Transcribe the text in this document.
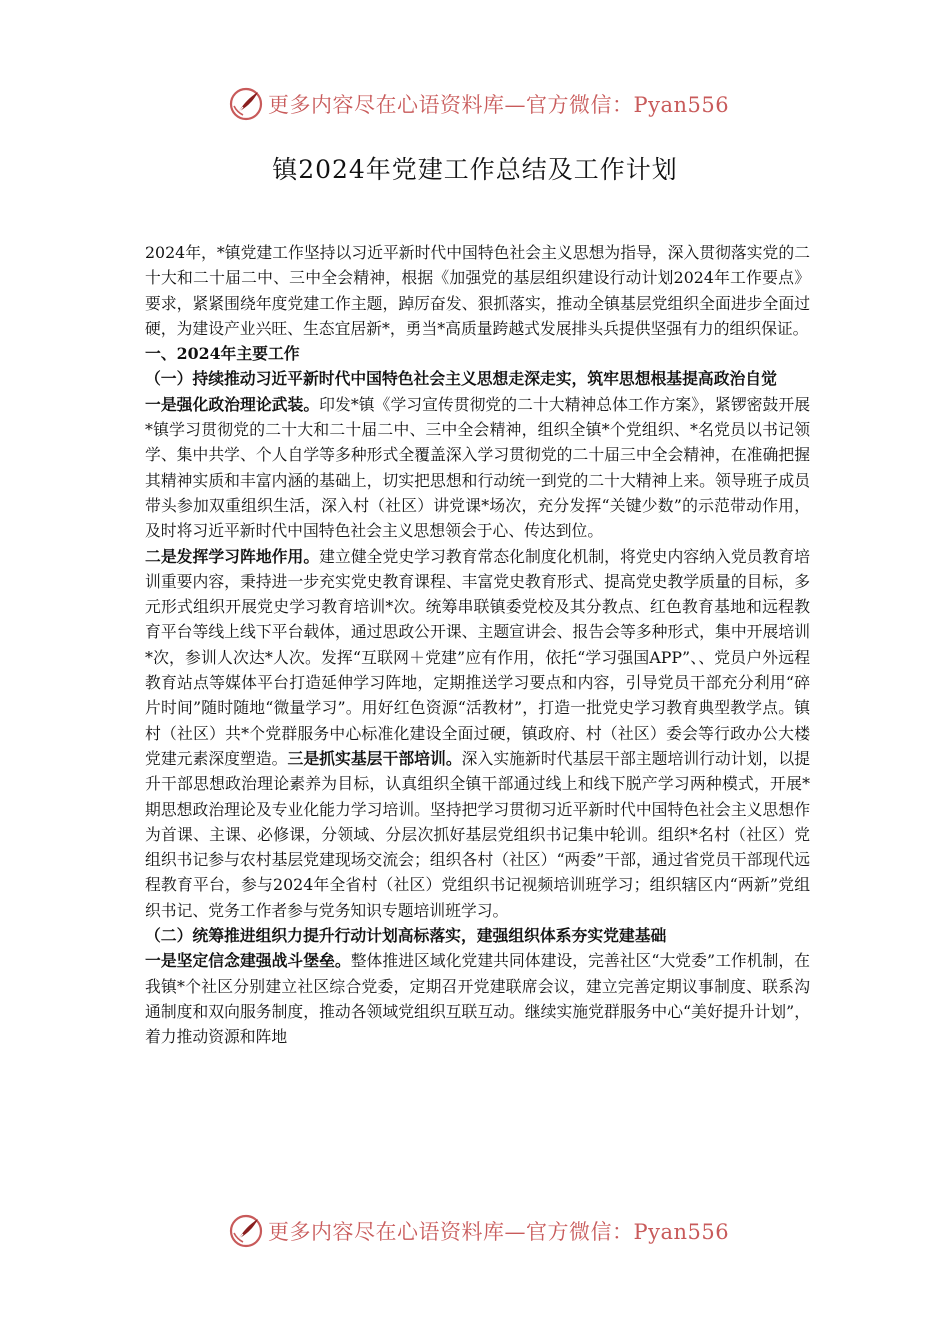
更多内容尽在心语资料库—官方微信：Pyan556
镇2024年党建工作总结及工作计划

2024年，*镇党建工作坚持以习近平新时代中国特色社会主义思想为指导，深入贯彻落实党的二十大和二十届二中、三中全会精神，根据《加强党的基层组织建设行动计划2024年工作要点》要求，紧紧围绕年度党建工作主题，踔厉奋发、狠抓落实，推动全镇基层党组织全面进步全面过硬，为建设产业兴旺、生态宜居新*，勇当*高质量跨越式发展排头兵提供坚强有力的组织保证。

一、2024年主要工作

（一）持续推动习近平新时代中国特色社会主义思想走深走实，筑牢思想根基提高政治自觉

一是强化政治理论武装。印发*镇《学习宣传贯彻党的二十大精神总体工作方案》，紧锣密鼓开展*镇学习贯彻党的二十大和二十届二中、三中全会精神，组织全镇*个党组织、*名党员以书记领学、集中共学、个人自学等多种形式全覆盖深入学习贯彻党的二十届三中全会精神，在准确把握其精神实质和丰富内涵的基础上，切实把思想和行动统一到党的二十大精神上来。领导班子成员带头参加双重组织生活，深入村（社区）讲党课*场次，充分发挥“关键少数”的示范带动作用，及时将习近平新时代中国特色社会主义思想领会于心、传达到位。

二是发挥学习阵地作用。建立健全党史学习教育常态化制度化机制，将党史内容纳入党员教育培训重要内容，秉持进一步充实党史教育课程、丰富党史教育形式、提高党史教学质量的目标，多元形式组织开展党史学习教育培训*次。统筹串联镇委党校及其分教点、红色教育基地和远程教育平台等线上线下平台载体，通过思政公开课、主题宣讲会、报告会等多种形式，集中开展培训*次，参训人次达*人次。发挥“互联网＋党建”应有作用，依托“学习强国APP”、、党员户外远程教育站点等媒体平台打造延伸学习阵地，定期推送学习要点和内容，引导党员干部充分利用“碎片时间”随时随地“微量学习”。用好红色资源“活教材”，打造一批党史学习教育典型教学点。镇村（社区）共*个党群服务中心标准化建设全面过硬，镇政府、村（社区）委会等行政办公大楼党建元素深度塑造。三是抓实基层干部培训。深入实施新时代基层干部主题培训行动计划，以提升干部思想政治理论素养为目标，认真组织全镇干部通过线上和线下脱产学习两种模式，开展*期思想政治理论及专业化能力学习培训。坚持把学习贯彻习近平新时代中国特色社会主义思想作为首课、主课、必修课，分领域、分层次抓好基层党组织书记集中轮训。组织*名村（社区）党组织书记参与农村基层党建现场交流会；组织各村（社区）“两委”干部，通过省党员干部现代远程教育平台，参与2024年全省村（社区）党组织书记视频培训班学习；组织辖区内“两新”党组织书记、党务工作者参与党务知识专题培训班学习。

（二）统筹推进组织力提升行动计划高标落实，建强组织体系夯实党建基础

一是坚定信念建强战斗堡垒。整体推进区域化党建共同体建设，完善社区“大党委”工作机制，在我镇*个社区分别建立社区综合党委，定期召开党建联席会议，建立完善定期议事制度、联系沟通制度和双向服务制度，推动各领域党组织互联互动。继续实施党群服务中心“美好提升计划”，着力推动资源和阵地

更多内容尽在心语资料库—官方微信：Pyan556
